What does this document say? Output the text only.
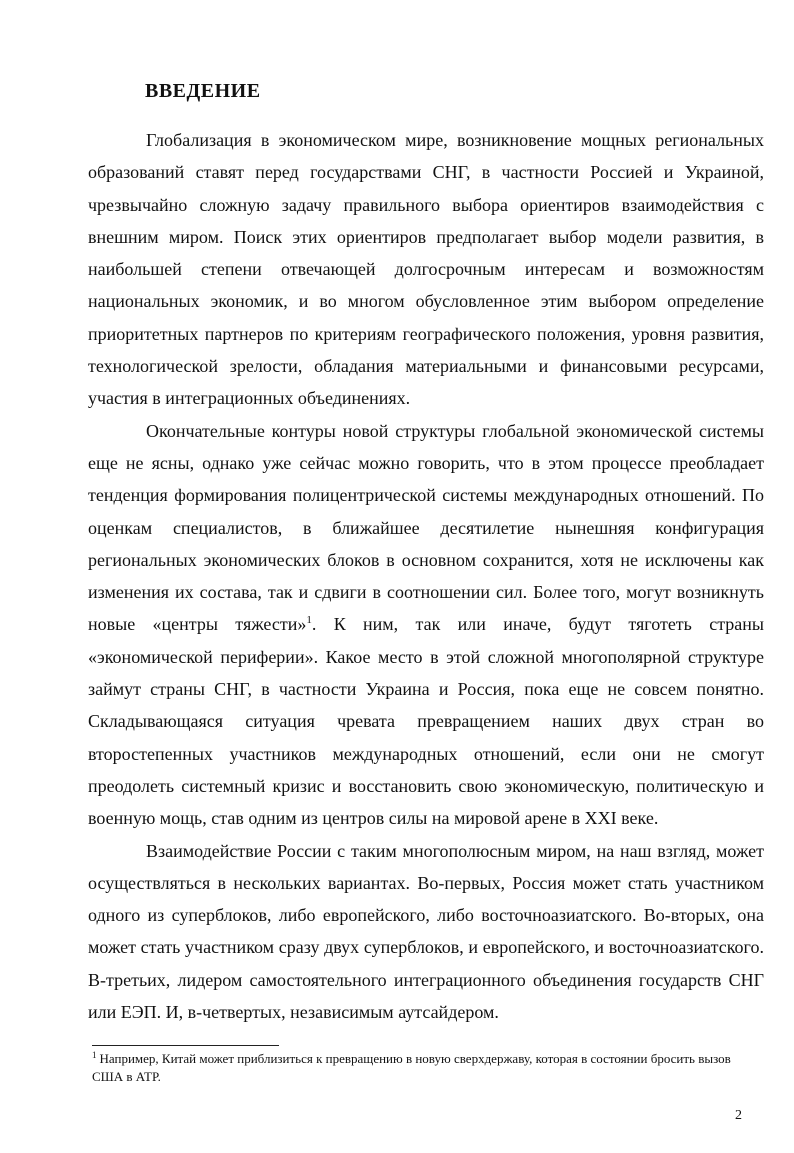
ВВЕДЕНИЕ

Глобализация в экономическом мире, возникновение мощных региональных образований ставят перед государствами СНГ, в частности Россией и Украиной, чрезвычайно сложную задачу правильного выбора ориентиров взаимодействия с внешним миром. Поиск этих ориентиров предполагает выбор модели развития, в наибольшей степени отвечающей долгосрочным интересам и возможностям национальных экономик, и во многом обусловленное этим выбором определение приоритетных партнеров по критериям географического положения, уровня развития, технологической зрелости, обладания материальными и финансовыми ресурсами, участия в интеграционных объединениях.

Окончательные контуры новой структуры глобальной экономической системы еще не ясны, однако уже сейчас можно говорить, что в этом процессе преобладает тенденция формирования полицентрической системы международных отношений. По оценкам специалистов, в ближайшее десятилетие нынешняя конфигурация региональных экономических блоков в основном сохранится, хотя не исключены как изменения их состава, так и сдвиги в соотношении сил. Более того, могут возникнуть новые «центры тяжести»$^1$. К ним, так или иначе, будут тяготеть страны «экономической периферии». Какое место в этой сложной многополярной структуре займут страны СНГ, в частности Украина и Россия, пока еще не совсем понятно. Складывающаяся ситуация чревата превращением наших двух стран во второстепенных участников международных отношений, если они не смогут преодолеть системный кризис и восстановить свою экономическую, политическую и военную мощь, став одним из центров силы на мировой арене в XXI веке.

Взаимодействие России с таким многополюсным миром, на наш взгляд, может осуществляться в нескольких вариантах. Во-первых, Россия может стать участником одного из суперблоков, либо европейского, либо восточноазиатского. Во-вторых, она может стать участником сразу двух суперблоков, и европейского, и восточноазиатского. В-третьих, лидером самостоятельного интеграционного объединения государств СНГ или ЕЭП. И, в-четвертых, независимым аутсайдером.

$^1$ Например, Китай может приблизиться к превращению в новую сверхдержаву, которая в состоянии бросить вызов США в АТР.
2
